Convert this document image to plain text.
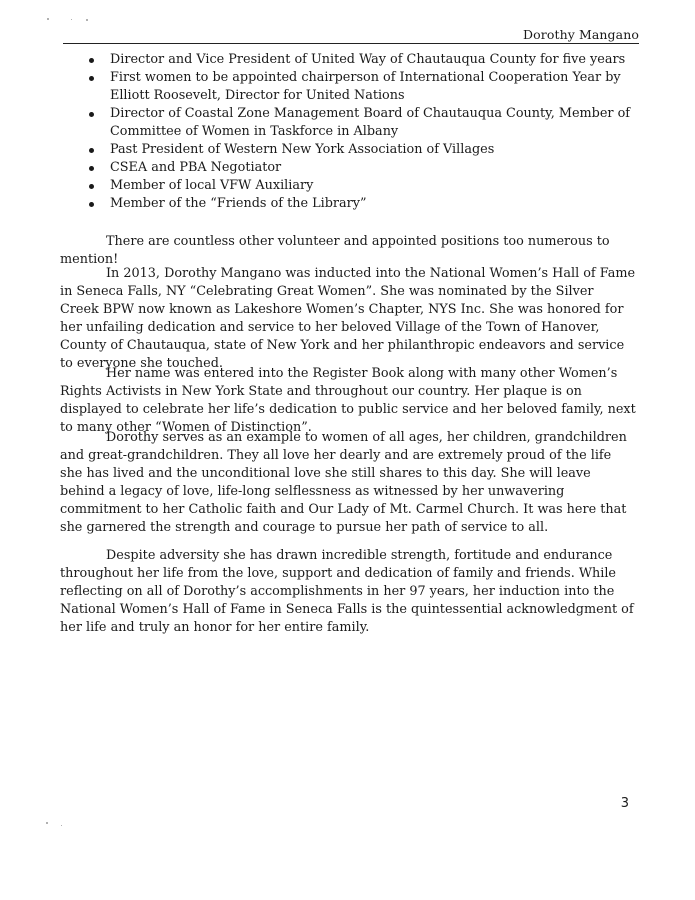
Dorothy Mangano
Director and Vice President of United Way of Chautauqua County for five years
First women to be appointed chairperson of International Cooperation Year by Elliott Roosevelt, Director for United Nations
Director of Coastal Zone Management Board of Chautauqua County, Member of Committee of Women in Taskforce in Albany
Past President of Western New York Association of Villages
CSEA and PBA Negotiator
Member of local VFW Auxiliary
Member of the “Friends of the Library”

There are countless other volunteer and appointed positions too numerous to mention!

In 2013, Dorothy Mangano was inducted into the National Women’s Hall of Fame in Seneca Falls, NY “Celebrating Great Women”. She was nominated by the Silver Creek BPW now known as Lakeshore Women’s Chapter, NYS Inc. She was honored for her unfailing dedication and service to her beloved Village of the Town of Hanover, County of Chautauqua, state of New York and her philanthropic endeavors and service to everyone she touched.

Her name was entered into the Register Book along with many other Women’s Rights Activists in New York State and throughout our country. Her plaque is on displayed to celebrate her life’s dedication to public service and her beloved family, next to many other “Women of Distinction”.

Dorothy serves as an example to women of all ages, her children, grandchildren and great-grandchildren. They all love her dearly and are extremely proud of the life she has lived and the unconditional love she still shares to this day. She will leave behind a legacy of love, life-long selflessness as witnessed by her unwavering commitment to her Catholic faith and Our Lady of Mt. Carmel Church. It was here that she garnered the strength and courage to pursue her path of service to all.

Despite adversity she has drawn incredible strength, fortitude and endurance throughout her life from the love, support and dedication of family and friends. While reflecting on all of Dorothy’s accomplishments in her 97 years, her induction into the National Women’s Hall of Fame in Seneca Falls is the quintessential acknowledgment of her life and truly an honor for her entire family.

3
